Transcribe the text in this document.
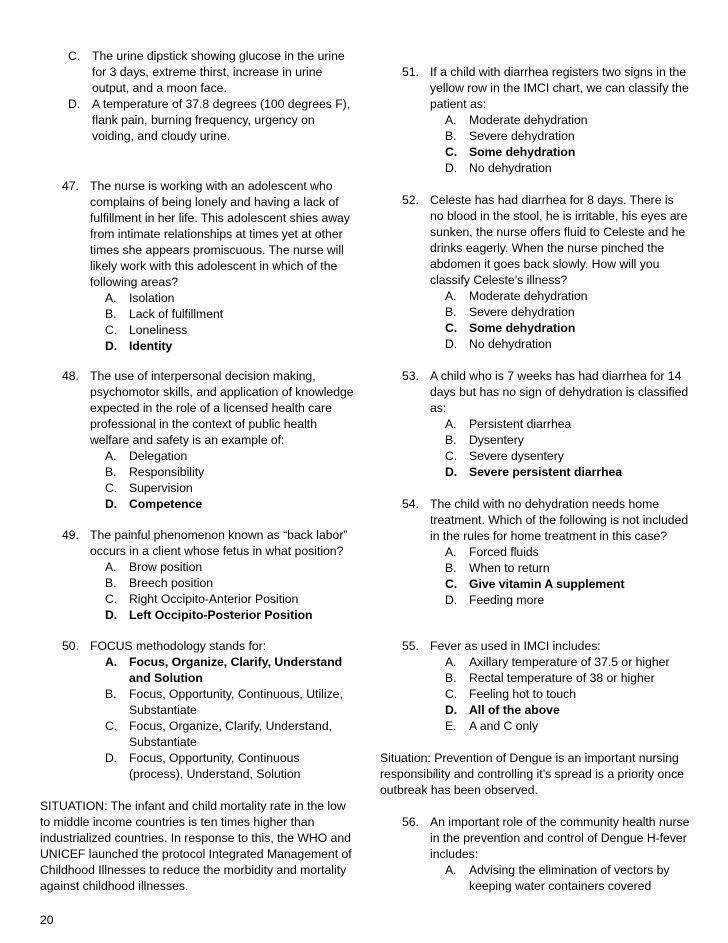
C. The urine dipstick showing glucose in the urine for 3 days, extreme thirst, increase in urine output, and a moon face.
D. A temperature of 37.8 degrees (100 degrees F), flank pain, burning frequency, urgency on voiding, and cloudy urine.
47. The nurse is working with an adolescent who complains of being lonely and having a lack of fulfillment in her life. This adolescent shies away from intimate relationships at times yet at other times she appears promiscuous. The nurse will likely work with this adolescent in which of the following areas?
A. Isolation
B. Lack of fulfillment
C. Loneliness
D. Identity
48. The use of interpersonal decision making, psychomotor skills, and application of knowledge expected in the role of a licensed health care professional in the context of public health welfare and safety is an example of:
A. Delegation
B. Responsibility
C. Supervision
D. Competence
49. The painful phenomenon known as “back labor” occurs in a client whose fetus in what position?
A. Brow position
B. Breech position
C. Right Occipito-Anterior Position
D. Left Occipito-Posterior Position
50. FOCUS methodology stands for:
A. Focus, Organize, Clarify, Understand and Solution
B. Focus, Opportunity, Continuous, Utilize, Substantiate
C. Focus, Organize, Clarify, Understand, Substantiate
D. Focus, Opportunity, Continuous (process), Understand, Solution
SITUATION: The infant and child mortality rate in the low to middle income countries is ten times higher than industrialized countries. In response to this, the WHO and UNICEF launched the protocol Integrated Management of Childhood Illnesses to reduce the morbidity and mortality against childhood illnesses.
51. If a child with diarrhea registers two signs in the yellow row in the IMCI chart, we can classify the patient as:
A. Moderate dehydration
B. Severe dehydration
C. Some dehydration
D. No dehydration
52. Celeste has had diarrhea for 8 days. There is no blood in the stool, he is irritable, his eyes are sunken, the nurse offers fluid to Celeste and he drinks eagerly. When the nurse pinched the abdomen it goes back slowly. How will you classify Celeste’s illness?
A. Moderate dehydration
B. Severe dehydration
C. Some dehydration
D. No dehydration
53. A child who is 7 weeks has had diarrhea for 14 days but has no sign of dehydration is classified as:
A. Persistent diarrhea
B. Dysentery
C. Severe dysentery
D. Severe persistent diarrhea
54. The child with no dehydration needs home treatment. Which of the following is not included in the rules for home treatment in this case?
A. Forced fluids
B. When to return
C. Give vitamin A supplement
D. Feeding more
55. Fever as used in IMCI includes:
A. Axillary temperature of 37.5 or higher
B. Rectal temperature of 38 or higher
C. Feeling hot to touch
D. All of the above
E. A and C only
Situation: Prevention of Dengue is an important nursing responsibility and controlling it’s spread is a priority once outbreak has been observed.
56. An important role of the community health nurse in the prevention and control of Dengue H-fever includes:
A. Advising the elimination of vectors by keeping water containers covered
20
